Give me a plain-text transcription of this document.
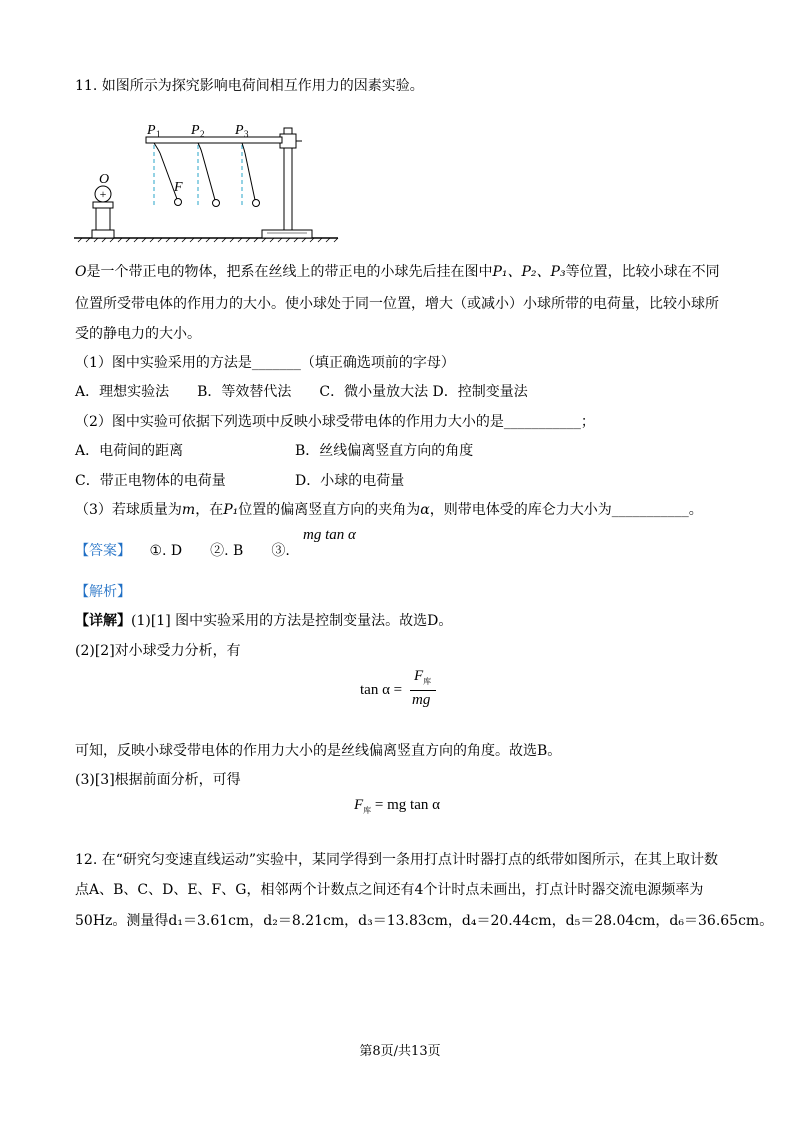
11. 如图所示为探究影响电荷间相互作用力的因素实验。
+
O
P 1 P 2 P 3
F
O是一个带正电的物体，把系在丝线上的带正电的小球先后挂在图中P₁、P₂、P₃等位置，比较小球在不同
位置所受带电体的作用力的大小。使小球处于同一位置，增大（或减小）小球所带的电荷量，比较小球所
受的静电力的大小。
（1）图中实验采用的方法是_______（填正确选项前的字母）
A．理想实验法　　B．等效替代法　　C．微小量放大法 D．控制变量法
（2）图中实验可依据下列选项中反映小球受带电体的作用力大小的是___________；
A．电荷间的距离	B．丝线偏离竖直方向的角度
C．带正电物体的电荷量	D．小球的电荷量
（3）若球质量为m，在P₁位置的偏离竖直方向的夹角为α，则带电体受的库仑力大小为___________。
mg tan α
【答案】 ①. D　　②. B　　③.
【解析】
【详解】(1)[1] 图中实验采用的方法是控制变量法。故选D。
(2)[2]对小球受力分析，有
tan α =
$F_库$
mg
可知，反映小球受带电体的作用力大小的是丝线偏离竖直方向的角度。故选B。
(3)[3]根据前面分析，可得
$F_库$ = mg tan α
12. 在“研究匀变速直线运动”实验中，某同学得到一条用打点计时器打点的纸带如图所示，在其上取计数
点A、B、C、D、E、F、G，相邻两个计数点之间还有4个计时点未画出，打点计时器交流电源频率为
50Hz。测量得d₁＝3.61cm，d₂＝8.21cm，d₃＝13.83cm，d₄＝20.44cm，d₅＝28.04cm，d₆＝36.65cm。
第8页/共13页
